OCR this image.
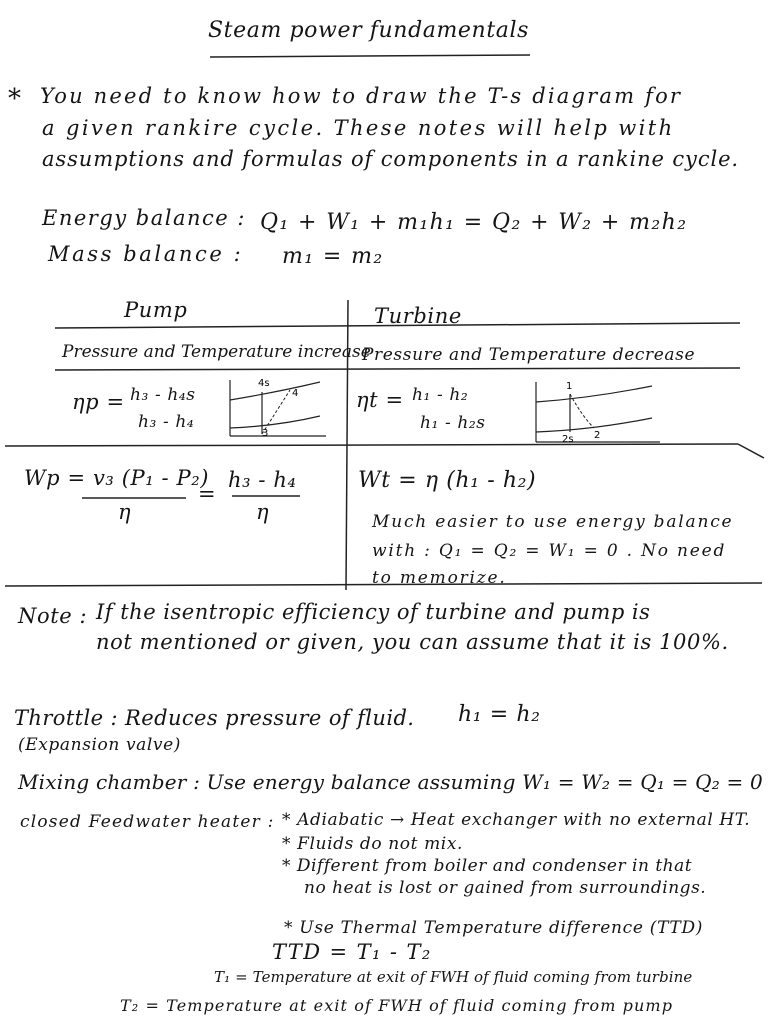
Steam power fundamentals
* You need to know how to draw the T-s diagram for
a given rankire cycle. These notes will help with
assumptions and formulas of components in a rankine cycle.
Energy balance : Q₁ + W₁ + m₁h₁ = Q₂ + W₂ + m₂h₂
Mass balance : m₁ = m₂
Pump	Turbine
Pressure and Temperature increase
Pressure and Temperature decrease
ηp = h₃ - h₄s
h₃ - h₄
4s
4
3
ηt = h₁ - h₂
h₁ - h₂s
1
2s 2
Wp = v₃ (P₁ - P₂)
η
=
h₃ - h₄
η
Wt = η (h₁ - h₂)
Much easier to use energy balance
with : Q₁ = Q₂ = W₁ = 0 . No need
to memorize.
Note : If the isentropic efficiency of turbine and pump is
not mentioned or given, you can assume that it is 100%.
Throttle : Reduces pressure of fluid. h₁ = h₂
(Expansion valve)
Mixing chamber : Use energy balance assuming W₁ = W₂ = Q₁ = Q₂ = 0
closed Feedwater heater : * Adiabatic → Heat exchanger with no external HT.
* Fluids do not mix.
* Different from boiler and condenser in that
no heat is lost or gained from surroundings.
* Use Thermal Temperature difference (TTD)
TTD = T₁ - T₂
T₁ = Temperature at exit of FWH of fluid coming from turbine
T₂ = Temperature at exit of FWH of fluid coming from pump
